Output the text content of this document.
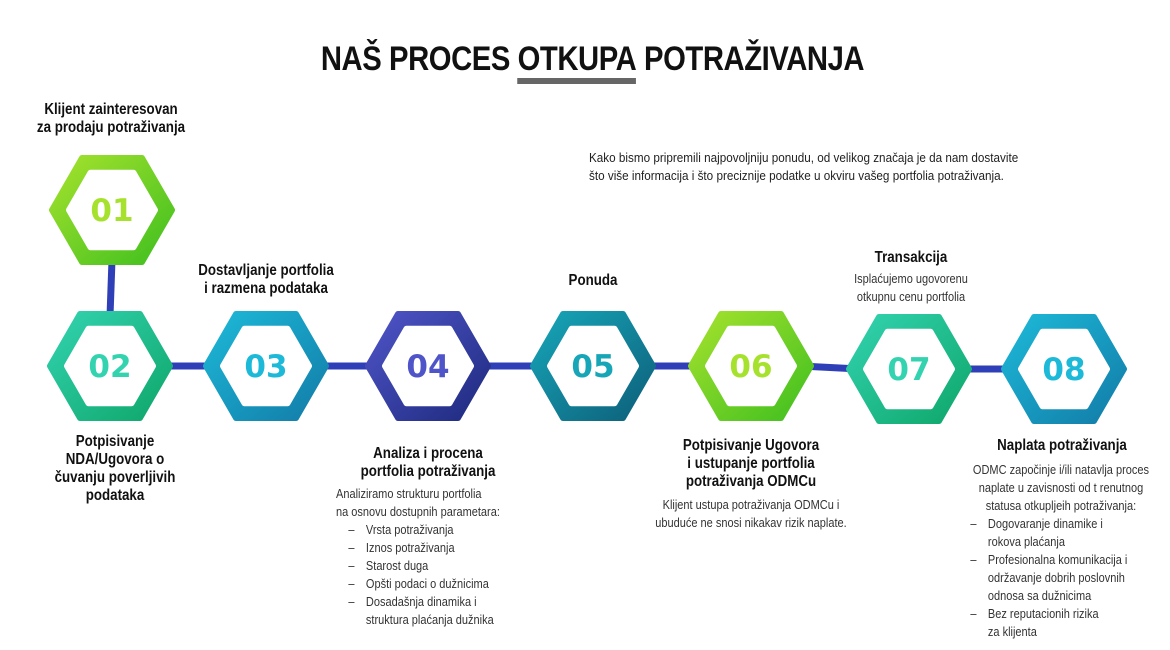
NAŠ PROCES OTKUPA POTRAŽIVANJA
Kako bismo pripremili najpovoljniju ponudu, od velikog značaja je da nam dostavite
što više informacija i što preciznije podatke u okviru vašeg portfolia potraživanja.
01
02	03	04	05	06	07	08
Klijent zainteresovan
za prodaju potraživanja
Potpisivanje
NDA/Ugovora o
čuvanju poverljivih
podataka
Dostavljanje portfolia
i razmena podataka
Analiza i procena
portfolia potraživanja
Analiziramo strukturu portfolia
na osnovu dostupnih parametara:
– Vrsta potraživanja
– Iznos potraživanja
– Starost duga
– Opšti podaci o dužnicima
– Dosadašnja dinamika i
struktura plaćanja dužnika
Ponuda
Potpisivanje Ugovora
i ustupanje portfolia
potraživanja ODMCu
Klijent ustupa potraživanja ODMCu i
ubuduće ne snosi nikakav rizik naplate.
Transakcija
Isplaćujemo ugovorenu
otkupnu cenu portfolia
Naplata potraživanja
ODMC započinje i/ili natavlja proces
naplate u zavisnosti od t renutnog
statusa otkupljeih potraživanja:
– Dogovaranje dinamike i
rokova plaćanja
– Profesionalna komunikacija i
održavanje dobrih poslovnih
odnosa sa dužnicima
– Bez reputacionih rizika
za klijenta
